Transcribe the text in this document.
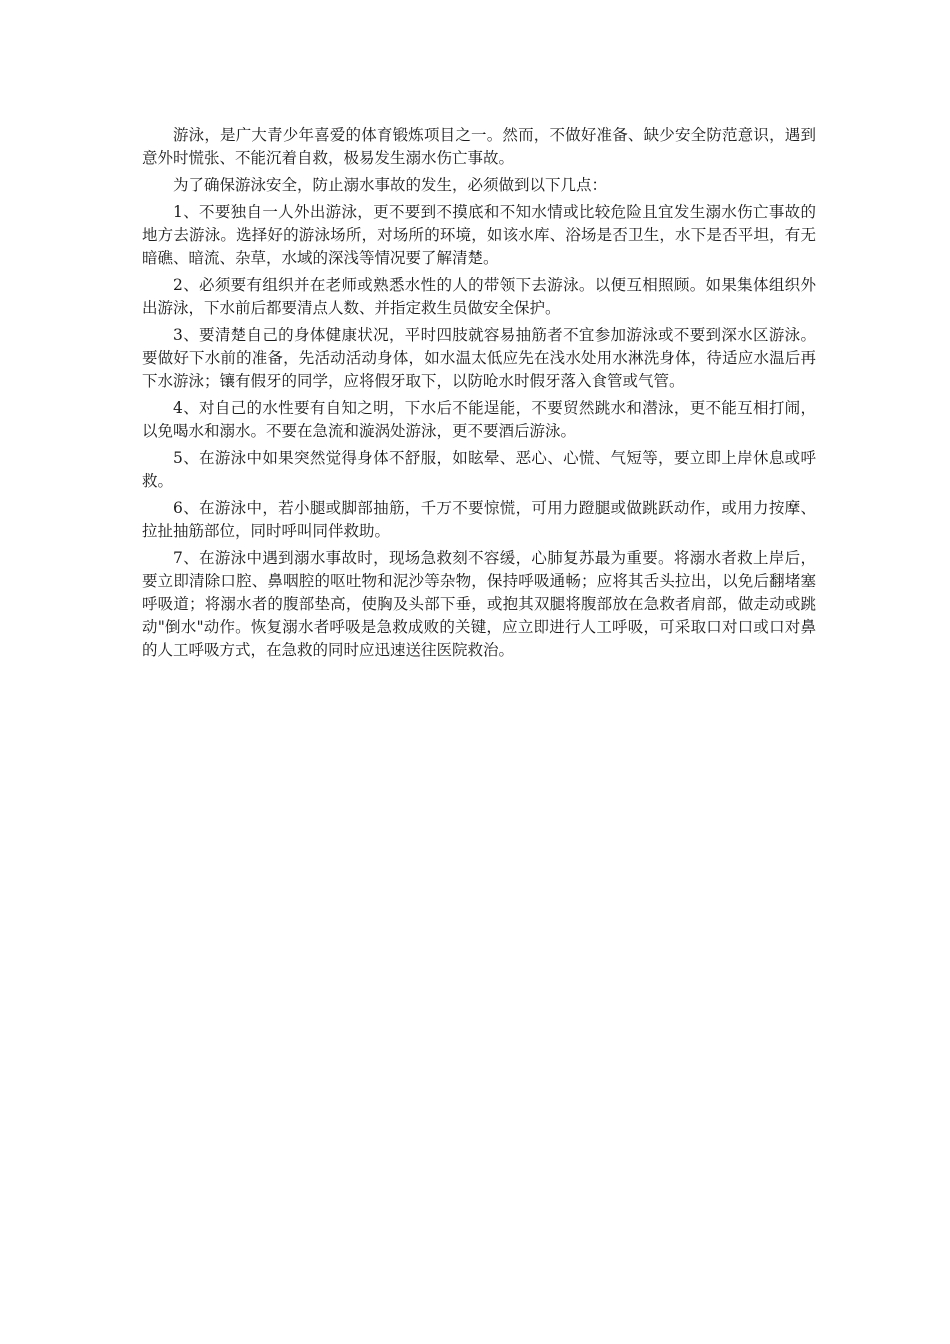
游泳，是广大青少年喜爱的体育锻炼项目之一。然而，不做好准备、缺少安全防范意识，遇到意外时慌张、不能沉着自救，极易发生溺水伤亡事故。

为了确保游泳安全，防止溺水事故的发生，必须做到以下几点：

1、不要独自一人外出游泳，更不要到不摸底和不知水情或比较危险且宜发生溺水伤亡事故的地方去游泳。选择好的游泳场所，对场所的环境，如该水库、浴场是否卫生，水下是否平坦，有无暗礁、暗流、杂草，水域的深浅等情况要了解清楚。

2、必须要有组织并在老师或熟悉水性的人的带领下去游泳。以便互相照顾。如果集体组织外出游泳，下水前后都要清点人数、并指定救生员做安全保护。

3、要清楚自己的身体健康状况，平时四肢就容易抽筋者不宜参加游泳或不要到深水区游泳。要做好下水前的准备，先活动活动身体，如水温太低应先在浅水处用水淋洗身体，待适应水温后再下水游泳；镶有假牙的同学，应将假牙取下，以防呛水时假牙落入食管或气管。

4、对自己的水性要有自知之明，下水后不能逞能，不要贸然跳水和潜泳，更不能互相打闹，以免喝水和溺水。不要在急流和漩涡处游泳，更不要酒后游泳。

5、在游泳中如果突然觉得身体不舒服，如眩晕、恶心、心慌、气短等，要立即上岸休息或呼救。

6、在游泳中，若小腿或脚部抽筋，千万不要惊慌，可用力蹬腿或做跳跃动作，或用力按摩、拉扯抽筋部位，同时呼叫同伴救助。

7、在游泳中遇到溺水事故时，现场急救刻不容缓，心肺复苏最为重要。将溺水者救上岸后，要立即清除口腔、鼻咽腔的呕吐物和泥沙等杂物，保持呼吸通畅；应将其舌头拉出，以免后翻堵塞呼吸道；将溺水者的腹部垫高，使胸及头部下垂，或抱其双腿将腹部放在急救者肩部，做走动或跳动"倒水"动作。恢复溺水者呼吸是急救成败的关键，应立即进行人工呼吸，可采取口对口或口对鼻的人工呼吸方式，在急救的同时应迅速送往医院救治。
